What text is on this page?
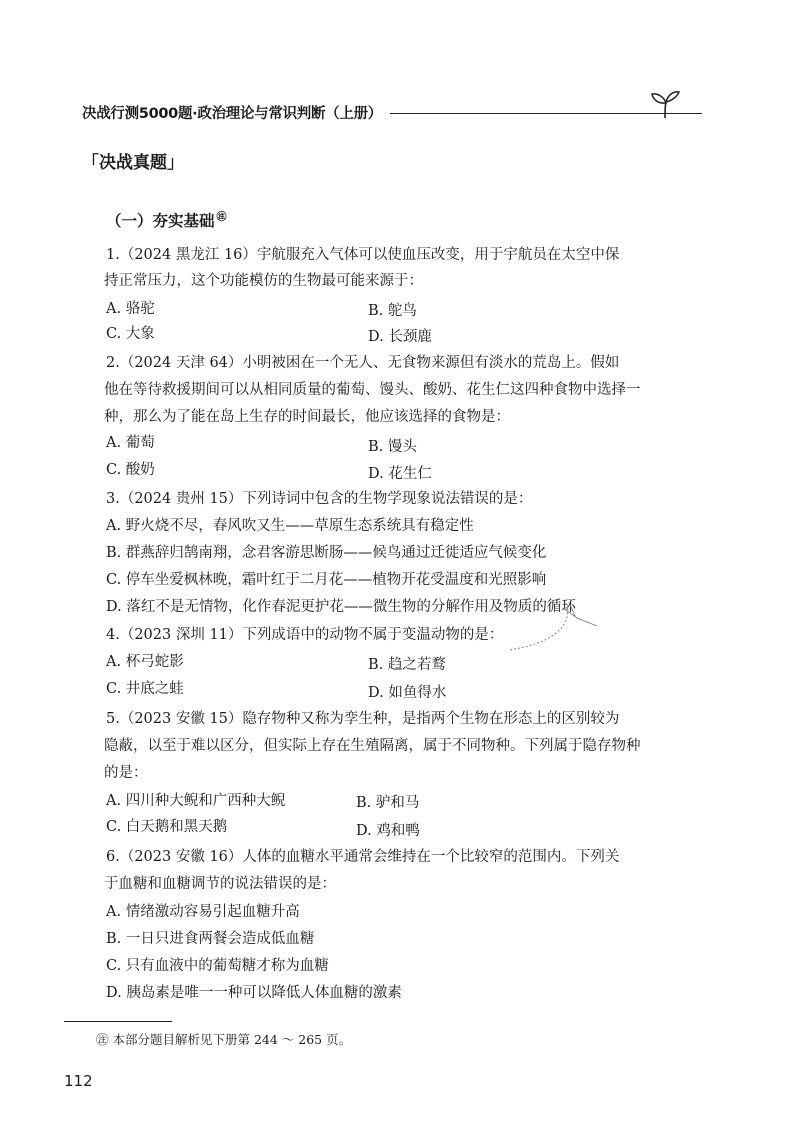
决战行测5000题·政治理论与常识判断（上册）
「决战真题」
（一）夯实基础 ㊟
1.（2024 黑龙江 16）宇航服充入气体可以使血压改变，用于宇航员在太空中保
持正常压力，这个功能模仿的生物最可能来源于：
A. 骆驼	B. 鸵鸟
C. 大象	D. 长颈鹿
2.（2024 天津 64）小明被困在一个无人、无食物来源但有淡水的荒岛上。假如
他在等待救援期间可以从相同质量的葡萄、馒头、酸奶、花生仁这四种食物中选择一
种，那么为了能在岛上生存的时间最长，他应该选择的食物是：
A. 葡萄	B. 馒头
C. 酸奶	D. 花生仁
3.（2024 贵州 15）下列诗词中包含的生物学现象说法错误的是：
A. 野火烧不尽，春风吹又生——草原生态系统具有稳定性
B. 群燕辞归鹄南翔，念君客游思断肠——候鸟通过迁徙适应气候变化
C. 停车坐爱枫林晚，霜叶红于二月花——植物开花受温度和光照影响
D. 落红不是无情物，化作春泥更护花——微生物的分解作用及物质的循环
4.（2023 深圳 11）下列成语中的动物不属于变温动物的是：
A. 杯弓蛇影	B. 趋之若鹜
C. 井底之蛙	D. 如鱼得水
5.（2023 安徽 15）隐存物种又称为孪生种，是指两个生物在形态上的区别较为
隐蔽，以至于难以区分，但实际上存在生殖隔离，属于不同物种。下列属于隐存物种
的是：
A. 四川种大鲵和广西种大鲵	B. 驴和马
C. 白天鹅和黑天鹅	D. 鸡和鸭
6.（2023 安徽 16）人体的血糖水平通常会维持在一个比较窄的范围内。下列关
于血糖和血糖调节的说法错误的是：
A. 情绪激动容易引起血糖升高
B. 一日只进食两餐会造成低血糖
C. 只有血液中的葡萄糖才称为血糖
D. 胰岛素是唯一一种可以降低人体血糖的激素
㊟ 本部分题目解析见下册第 244 ～ 265 页。
112
